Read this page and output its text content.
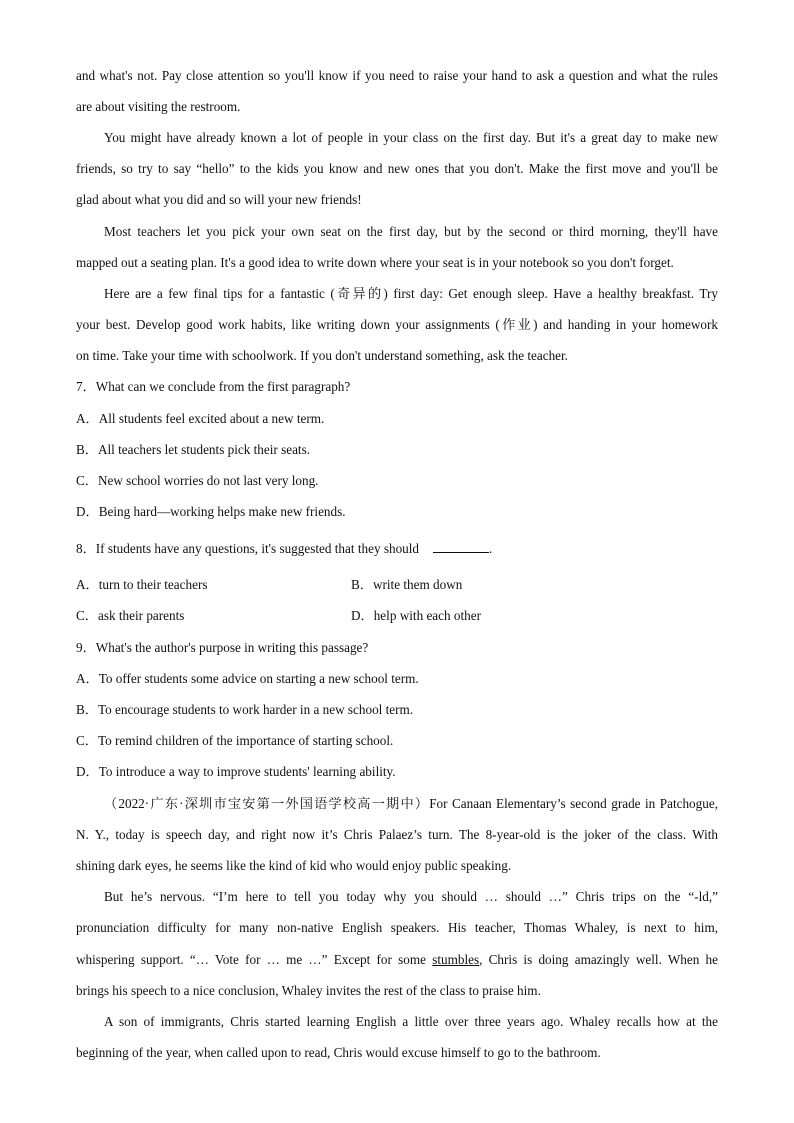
and what's not. Pay close attention so you'll know if you need to raise your hand to ask a question and what the rules
are about visiting the restroom.
You might have already known a lot of people in your class on the first day. But it's a great day to make new
friends, so try to say “hello” to the kids you know and new ones that you don't. Make the first move and you'll be
glad about what you did and so will your new friends!
Most teachers let you pick your own seat on the first day, but by the second or third morning, they'll have
mapped out a seating plan. It's a good idea to write down where your seat is in your notebook so you don't forget.
Here are a few final tips for a fantastic (奇异的) first day: Get enough sleep. Have a healthy breakfast. Try
your best. Develop good work habits, like writing down your assignments (作业) and handing in your homework
on time. Take your time with schoolwork. If you don't understand something, ask the teacher.
7．What can we conclude from the first paragraph?
A．All students feel excited about a new term.
B．All teachers let students pick their seats.
C．New school worries do not last very long.
D．Being hard—working helps make new friends.
8．If students have any questions, it's suggested that they should	.
A．turn to their teachers	B．write them down
C．ask their parents	D．help with each other
9．What's the author's purpose in writing this passage?
A．To offer students some advice on starting a new school term.
B．To encourage students to work harder in a new school term.
C．To remind children of the importance of starting school.
D．To introduce a way to improve students' learning ability.
（2022·广东·深圳市宝安第一外国语学校高一期中）For Canaan Elementary’s second grade in Patchogue,
N. Y., today is speech day, and right now it’s Chris Palaez’s turn. The 8-year-old is the joker of the class. With
shining dark eyes, he seems like the kind of kid who would enjoy public speaking.
But he’s nervous. “I’m here to tell you today why you should … should …” Chris trips on the “-ld,”
pronunciation difficulty for many non-native English speakers. His teacher, Thomas Whaley, is next to him,
whispering support. “… Vote for … me …” Except for some stumbles, Chris is doing amazingly well. When he
brings his speech to a nice conclusion, Whaley invites the rest of the class to praise him.
A son of immigrants, Chris started learning English a little over three years ago. Whaley recalls how at the
beginning of the year, when called upon to read, Chris would excuse himself to go to the bathroom.
